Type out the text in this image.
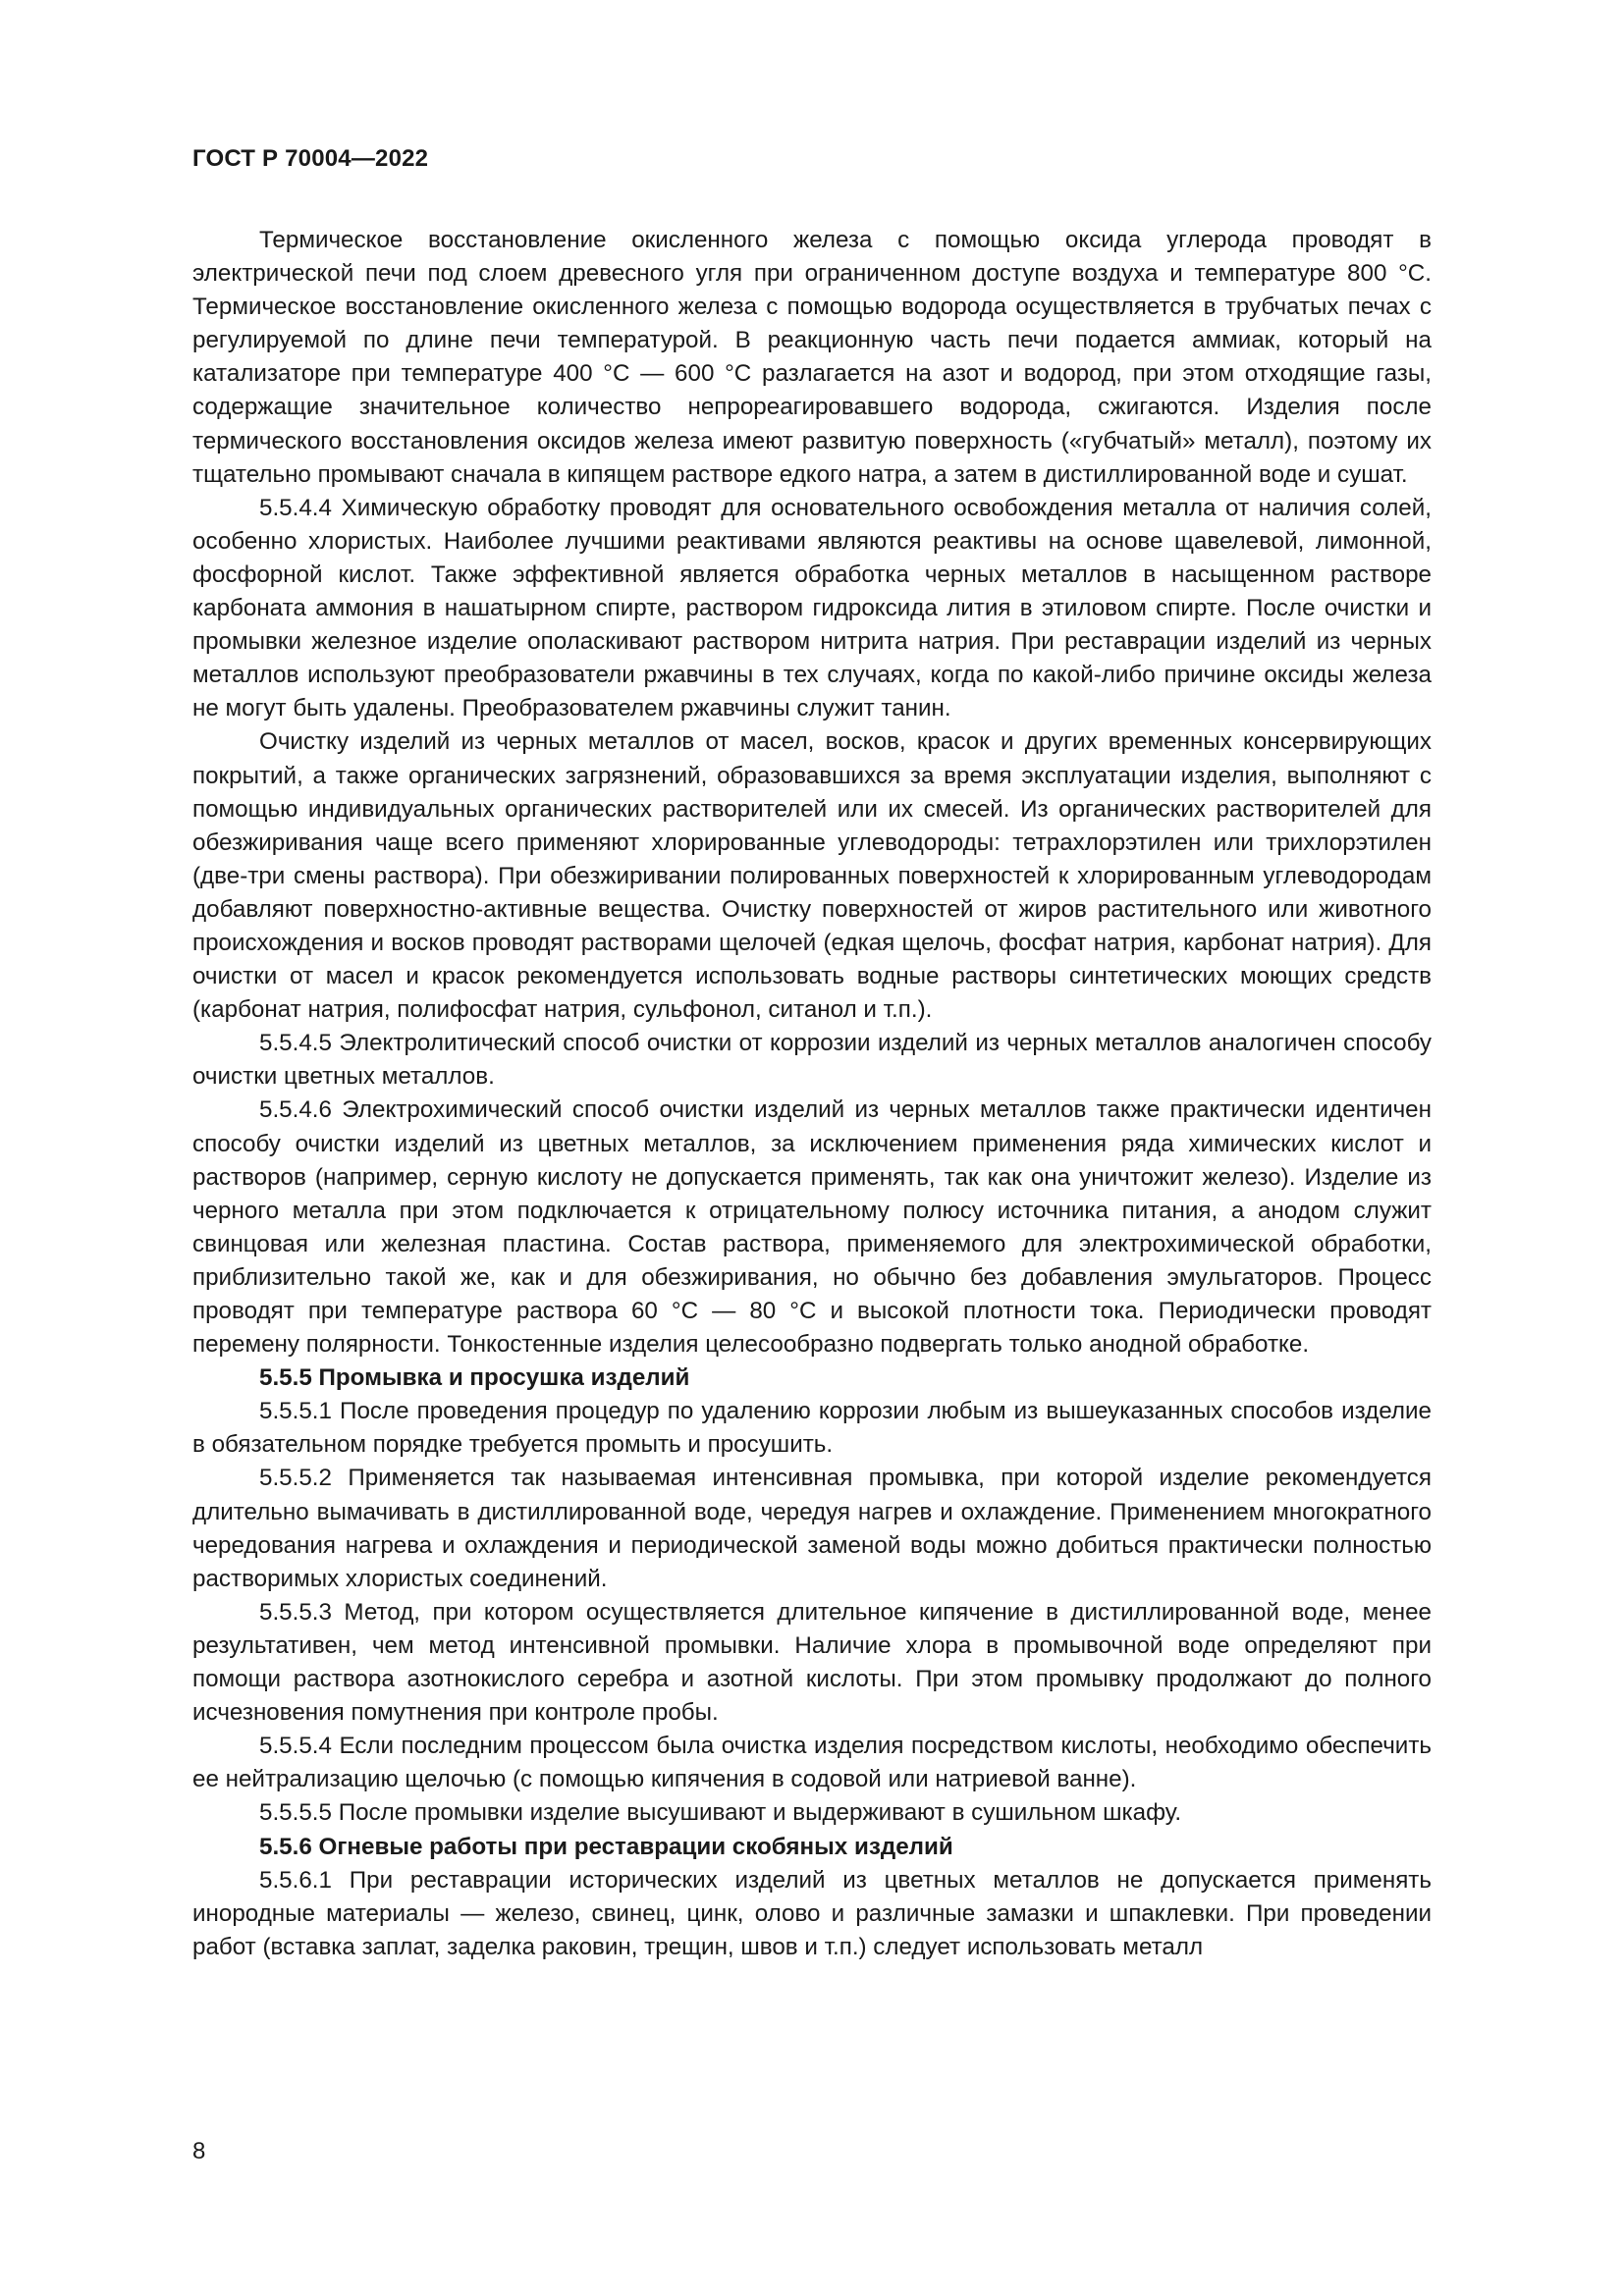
ГОСТ Р 70004—2022

Термическое восстановление окисленного железа с помощью оксида углерода проводят в электрической печи под слоем древесного угля при ограниченном доступе воздуха и температуре 800 °C. Термическое восстановление окисленного железа с помощью водорода осуществляется в трубчатых печах с регулируемой по длине печи температурой. В реакционную часть печи подается аммиак, который на катализаторе при температуре 400 °C — 600 °C разлагается на азот и водород, при этом отходящие газы, содержащие значительное количество непрореагировавшего водорода, сжигаются. Изделия после термического восстановления оксидов железа имеют развитую поверхность («губчатый» металл), поэтому их тщательно промывают сначала в кипящем растворе едкого натра, а затем в дистиллированной воде и сушат.

5.5.4.4 Химическую обработку проводят для основательного освобождения металла от наличия солей, особенно хлористых. Наиболее лучшими реактивами являются реактивы на основе щавелевой, лимонной, фосфорной кислот. Также эффективной является обработка черных металлов в насыщенном растворе карбоната аммония в нашатырном спирте, раствором гидроксида лития в этиловом спирте. После очистки и промывки железное изделие ополаскивают раствором нитрита натрия. При реставрации изделий из черных металлов используют преобразователи ржавчины в тех случаях, когда по какой-либо причине оксиды железа не могут быть удалены. Преобразователем ржавчины служит танин.

Очистку изделий из черных металлов от масел, восков, красок и других временных консервирующих покрытий, а также органических загрязнений, образовавшихся за время эксплуатации изделия, выполняют с помощью индивидуальных органических растворителей или их смесей. Из органических растворителей для обезжиривания чаще всего применяют хлорированные углеводороды: тетрахлорэтилен или трихлорэтилен (две-три смены раствора). При обезжиривании полированных поверхностей к хлорированным углеводородам добавляют поверхностно-активные вещества. Очистку поверхностей от жиров растительного или животного происхождения и восков проводят растворами щелочей (едкая щелочь, фосфат натрия, карбонат натрия). Для очистки от масел и красок рекомендуется использовать водные растворы синтетических моющих средств (карбонат натрия, полифосфат натрия, сульфонол, ситанол и т.п.).

5.5.4.5 Электролитический способ очистки от коррозии изделий из черных металлов аналогичен способу очистки цветных металлов.

5.5.4.6 Электрохимический способ очистки изделий из черных металлов также практически идентичен способу очистки изделий из цветных металлов, за исключением применения ряда химических кислот и растворов (например, серную кислоту не допускается применять, так как она уничтожит железо). Изделие из черного металла при этом подключается к отрицательному полюсу источника питания, а анодом служит свинцовая или железная пластина. Состав раствора, применяемого для электрохимической обработки, приблизительно такой же, как и для обезжиривания, но обычно без добавления эмульгаторов. Процесс проводят при температуре раствора 60 °C — 80 °C и высокой плотности тока. Периодически проводят перемену полярности. Тонкостенные изделия целесообразно подвергать только анодной обработке.

5.5.5 Промывка и просушка изделий

5.5.5.1 После проведения процедур по удалению коррозии любым из вышеуказанных способов изделие в обязательном порядке требуется промыть и просушить.

5.5.5.2 Применяется так называемая интенсивная промывка, при которой изделие рекомендуется длительно вымачивать в дистиллированной воде, чередуя нагрев и охлаждение. Применением многократного чередования нагрева и охлаждения и периодической заменой воды можно добиться практически полностью растворимых хлористых соединений.

5.5.5.3 Метод, при котором осуществляется длительное кипячение в дистиллированной воде, менее результативен, чем метод интенсивной промывки. Наличие хлора в промывочной воде определяют при помощи раствора азотнокислого серебра и азотной кислоты. При этом промывку продолжают до полного исчезновения помутнения при контроле пробы.

5.5.5.4 Если последним процессом была очистка изделия посредством кислоты, необходимо обеспечить ее нейтрализацию щелочью (с помощью кипячения в содовой или натриевой ванне).

5.5.5.5 После промывки изделие высушивают и выдерживают в сушильном шкафу.

5.5.6 Огневые работы при реставрации скобяных изделий

5.5.6.1 При реставрации исторических изделий из цветных металлов не допускается применять инородные материалы — железо, свинец, цинк, олово и различные замазки и шпаклевки. При проведении работ (вставка заплат, заделка раковин, трещин, швов и т.п.) следует использовать металл

8
